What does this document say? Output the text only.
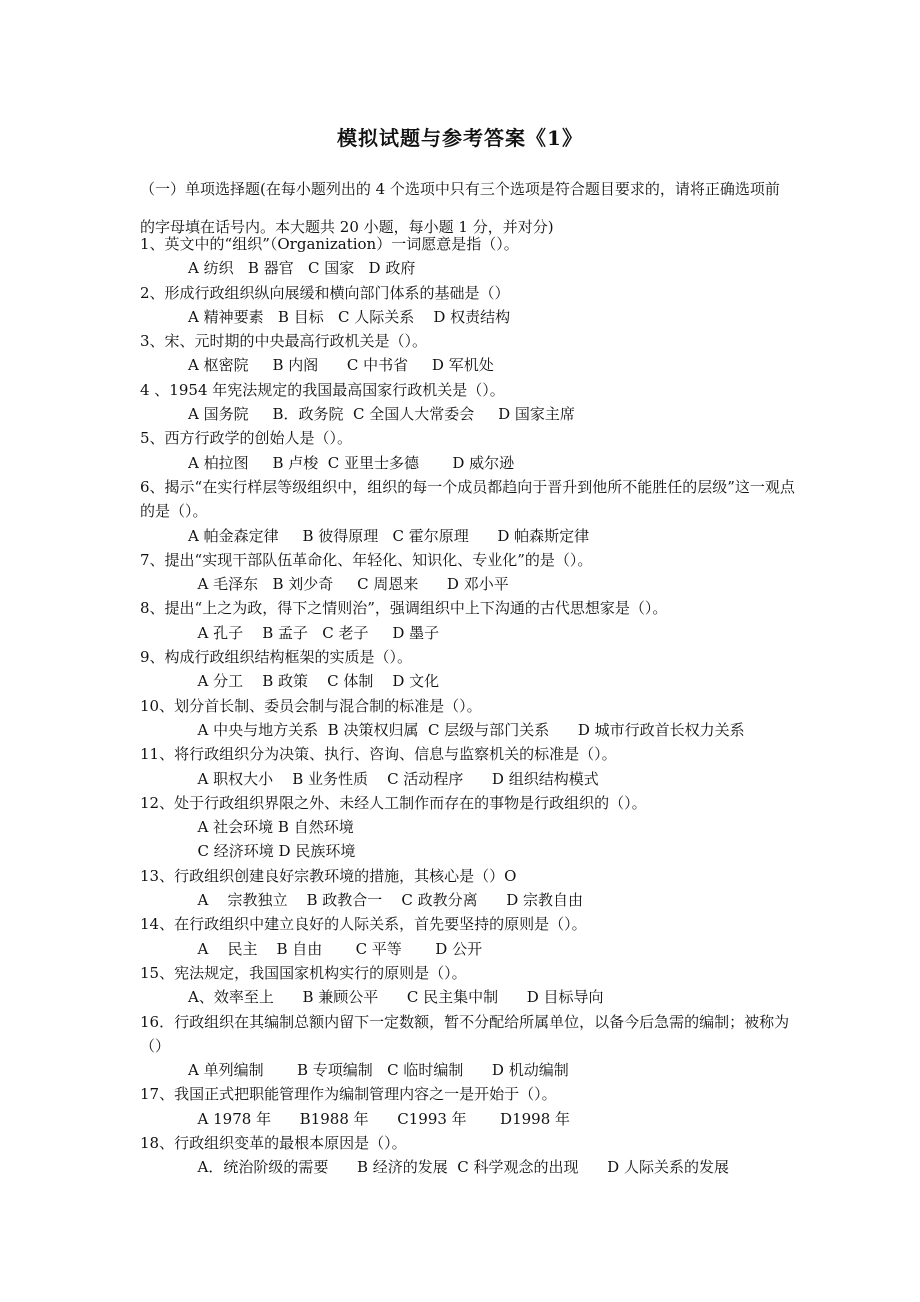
模拟试题与参考答案《1》
（一）单项选择题(在每小题列出的 4 个选项中只有三个选项是符合题目要求的，请将正确选项前的字母填在话号内。本大题共 20 小题，每小题 1 分，并对分)
1、英文中的“组织”（Organization）一词愿意是指（）。
A 纺织   B 器官   C 国家   D 政府
2、形成行政组织纵向展缓和横向部门体系的基础是（）
A 精神要素   B 目标   C 人际关系    D 权责结构
3、宋、元时期的中央最高行政机关是（）。
A 枢密院     B 内阁      C 中书省     D 军机处
4 、1954 年宪法规定的我国最高国家行政机关是（）。
A 国务院     B．政务院  C 全国人大常委会     D 国家主席
5、西方行政学的创始人是（）。
A 柏拉图     B 卢梭  C 亚里士多德       D 威尔逊
6、揭示“在实行样层等级组织中，组织的每一个成员都趋向于晋升到他所不能胜任的层级”这一观点的是（）。
A 帕金森定律     B 彼得原理   C 霍尔原理      D 帕森斯定律
7、提出“实现干部队伍革命化、年轻化、知识化、专业化”的是（）。
A 毛泽东   B 刘少奇     C 周恩来      D 邓小平
8、提出“上之为政，得下之情则治”，强调组织中上下沟通的古代思想家是（）。
A 孔子    B 孟子   C 老子     D 墨子
9、构成行政组织结构框架的实质是（）。
A 分工    B 政策    C 体制    D 文化
10、划分首长制、委员会制与混合制的标准是（）。
A 中央与地方关系  B 决策权归属  C 层级与部门关系      D 城市行政首长权力关系
11、将行政组织分为决策、执行、咨询、信息与监察机关的标准是（）。
A 职权大小    B 业务性质    C 活动程序      D 组织结构模式
12、处于行政组织界限之外、未经人工制作而存在的事物是行政组织的（）。
A 社会环境 B 自然环境
C 经济环境 D 民族环境
13、行政组织创建良好宗教环境的措施，其核心是（）O
A    宗教独立    B 政教合一    C 政教分离      D 宗教自由
14、在行政组织中建立良好的人际关系，首先要坚持的原则是（）。
A    民主    B 自由       C 平等       D 公开
15、宪法规定，我国国家机构实行的原则是（）。
A、效率至上      B 兼顾公平      C 民主集中制      D 目标导向
16．行政组织在其编制总额内留下一定数额，暂不分配给所属单位，以备今后急需的编制；被称为（）
A 单列编制       B 专项编制   C 临时编制      D 机动编制
17、我国正式把职能管理作为编制管理内容之一是开始于（）。
A 1978 年      B1988 年      C1993 年       D1998 年
18、行政组织变革的最根本原因是（）。
A．统治阶级的需要      B 经济的发展  C 科学观念的出现      D 人际关系的发展
